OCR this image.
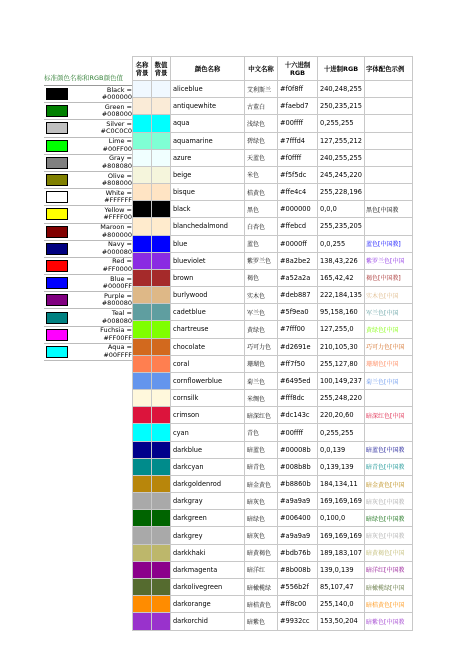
标准颜色名称和RGB颜色值
Black =
#000000
Green =
#008000
Silver =
#C0C0C0
Lime =
#00FF00
Gray =
#808080
Olive =
#808000
White =
#FFFFFF
Yellow =
#FFFF00
Maroon =
#800000
Navy =
#000080
Red =
#FF0000
Blue =
#0000FF
Purple =
#800080
Teal =
#008080
Fuchsia =
#FF00FF
Aqua =
#00FFFF
名称背景	数值背景	颜色名称	中文名称	十六进制RGB	十进制RGB	字体配色示例
		aliceblue	艾利斯兰	#f0f8ff	240,248,255	
		antiquewhite	古董白	#faebd7	250,235,215	
		aqua	浅绿色	#00ffff	0,255,255	
		aquamarine	碧绿色	#7fffd4	127,255,212	
		azure	天蓝色	#f0ffff	240,255,255	
		beige	米色	#f5f5dc	245,245,220	
		bisque	桔黄色	#ffe4c4	255,228,196	
		black	黑色	#000000	0,0,0	黑色[中国教
		blanchedalmond	白杏色	#ffebcd	255,235,205	
		blue	蓝色	#0000ff	0,0,255	蓝色[中国教]
		blueviolet	紫罗兰色	#8a2be2	138,43,226	紫罗兰色[中国
		brown	褐色	#a52a2a	165,42,42	褐色[中国教]
		burlywood	实木色	#deb887	222,184,135	实木色[中国
		cadetblue	军兰色	#5f9ea0	95,158,160	军兰色[中国
		chartreuse	黄绿色	#7fff00	127,255,0	黄绿色[中国
		chocolate	巧可力色	#d2691e	210,105,30	巧可力色[中国
		coral	珊瑚色	#ff7f50	255,127,80	珊瑚色[中国
		cornflowerblue	菊兰色	#6495ed	100,149,237	菊兰色[中国
		cornsilk	米绸色	#fff8dc	255,248,220	
		crimson	暗深红色	#dc143c	220,20,60	暗深红色[中国
		cyan	青色	#00ffff	0,255,255	
		darkblue	暗蓝色	#00008b	0,0,139	暗蓝色[中国教
		darkcyan	暗青色	#008b8b	0,139,139	暗青色[中国教
		darkgoldenrod	暗金黄色	#b8860b	184,134,11	暗金黄色[中国
		darkgray	暗灰色	#a9a9a9	169,169,169	暗灰色[中国教
		darkgreen	暗绿色	#006400	0,100,0	暗绿色[中国教
		darkgrey	暗灰色	#a9a9a9	169,169,169	暗灰色[中国教
		darkkhaki	暗黄褐色	#bdb76b	189,183,107	暗黄褐色[中国
		darkmagenta	暗洋红	#8b008b	139,0,139	暗洋红[中国教
		darkolivegreen	暗橄榄绿	#556b2f	85,107,47	暗橄榄绿[中国
		darkorange	暗桔黄色	#ff8c00	255,140,0	暗桔黄色[中国
		darkorchid	暗紫色	#9932cc	153,50,204	暗紫色[中国教
